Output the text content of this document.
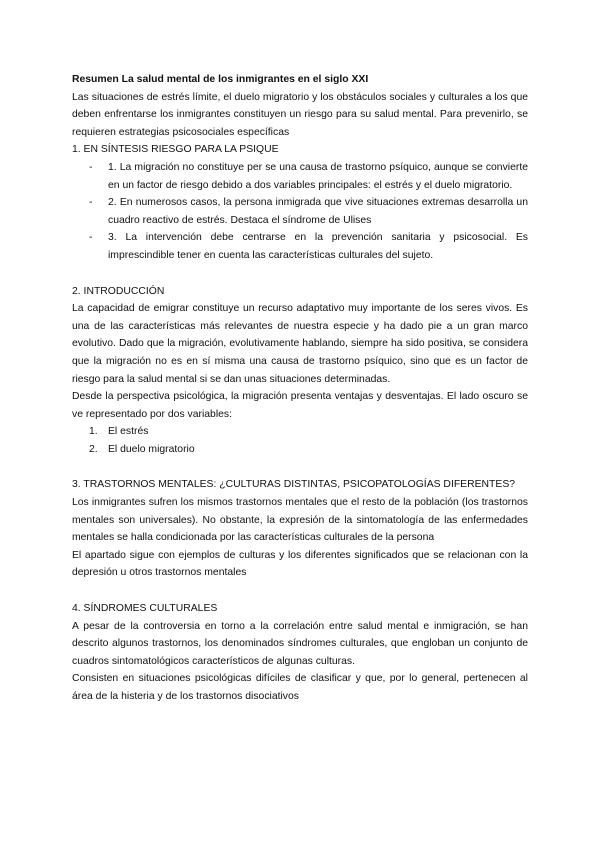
Resumen La salud mental de los inmigrantes en el siglo XXI

Las situaciones de estrés límite, el duelo migratorio y los obstáculos sociales y culturales a los que deben enfrentarse los inmigrantes constituyen un riesgo para su salud mental. Para prevenirlo, se requieren estrategias psicosociales específicas

1. EN SÍNTESIS RIESGO PARA LA PSIQUE

- 1. La migración no constituye per se una causa de trastorno psíquico, aunque se convierte en un factor de riesgo debido a dos variables principales: el estrés y el duelo migratorio.
- 2. En numerosos casos, la persona inmigrada que vive situaciones extremas desarrolla un cuadro reactivo de estrés. Destaca el síndrome de Ulises
- 3. La intervención debe centrarse en la prevención sanitaria y psicosocial. Es imprescindible tener en cuenta las características culturales del sujeto.

2. INTRODUCCIÓN

La capacidad de emigrar constituye un recurso adaptativo muy importante de los seres vivos. Es una de las características más relevantes de nuestra especie y ha dado pie a un gran marco evolutivo. Dado que la migración, evolutivamente hablando, siempre ha sido positiva, se considera que la migración no es en sí misma una causa de trastorno psíquico, sino que es un factor de riesgo para la salud mental si se dan unas situaciones determinadas.

Desde la perspectiva psicológica, la migración presenta ventajas y desventajas. El lado oscuro se ve representado por dos variables:

1. El estrés
2. El duelo migratorio

3. TRASTORNOS MENTALES: ¿CULTURAS DISTINTAS, PSICOPATOLOGÍAS DIFERENTES?

Los inmigrantes sufren los mismos trastornos mentales que el resto de la población (los trastornos mentales son universales). No obstante, la expresión de la sintomatología de las enfermedades mentales se halla condicionada por las características culturales de la persona

El apartado sigue con ejemplos de culturas y los diferentes significados que se relacionan con la depresión u otros trastornos mentales

4. SÍNDROMES CULTURALES

A pesar de la controversia en torno a la correlación entre salud mental e inmigración, se han descrito algunos trastornos, los denominados síndromes culturales, que engloban un conjunto de cuadros sintomatológicos característicos de algunas culturas.

Consisten en situaciones psicológicas difíciles de clasificar y que, por lo general, pertenecen al área de la histeria y de los trastornos disociativos
